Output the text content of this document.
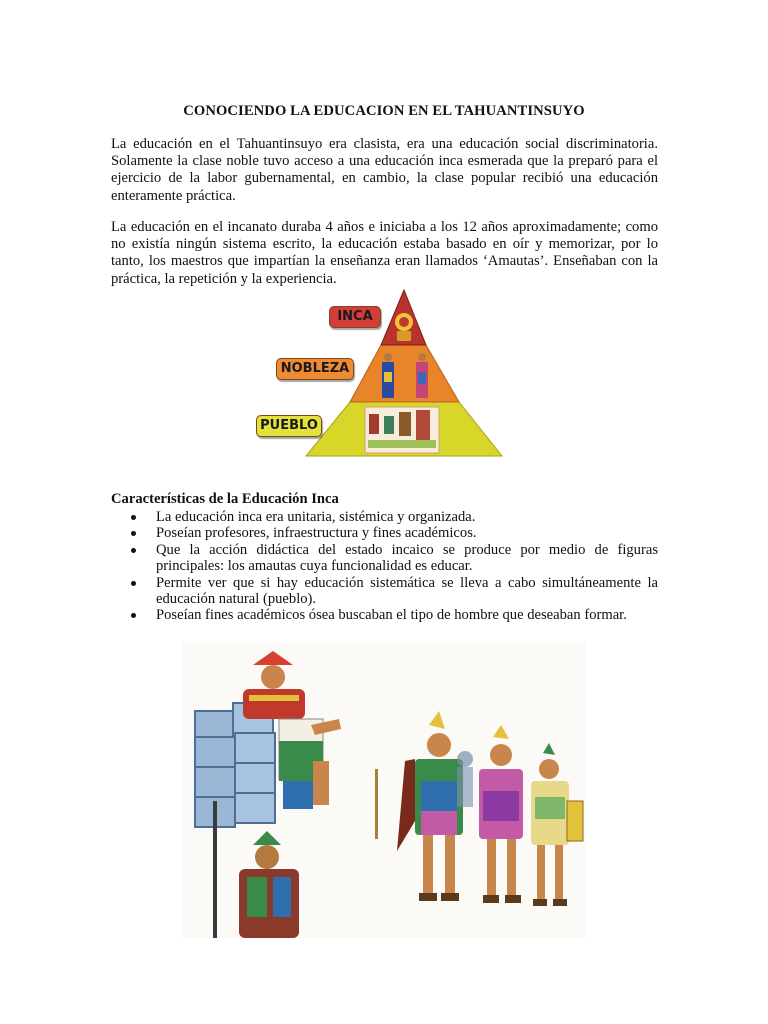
CONOCIENDO LA EDUCACION EN EL TAHUANTINSUYO

La educación en el Tahuantinsuyo era clasista, era una educación social discriminatoria. Solamente la clase noble tuvo acceso a una educación inca esmerada que la preparó para el ejercicio de la labor gubernamental, en cambio, la clase popular recibió una educación enteramente práctica.

La educación en el incanato duraba 4 años e iniciaba a los 12 años aproximadamente; como no existía ningún sistema escrito, la educación estaba basado en oír y memorizar, por lo tanto, los maestros que impartían la enseñanza eran llamados ‘Amautas’. Enseñaban con la práctica, la repetición y la experiencia.

INCA
NOBLEZA
PUEBLO
Características de la Educación Inca
La educación inca era unitaria, sistémica y organizada.
Poseían profesores, infraestructura y fines académicos.
Que la acción didáctica del estado incaico se produce por medio de figuras principales: los amautas cuya funcionalidad es educar.
Permite ver que si hay educación sistemática se lleva a cabo simultáneamente la educación natural (pueblo).
Poseían fines académicos ósea buscaban el tipo de hombre que deseaban formar.
